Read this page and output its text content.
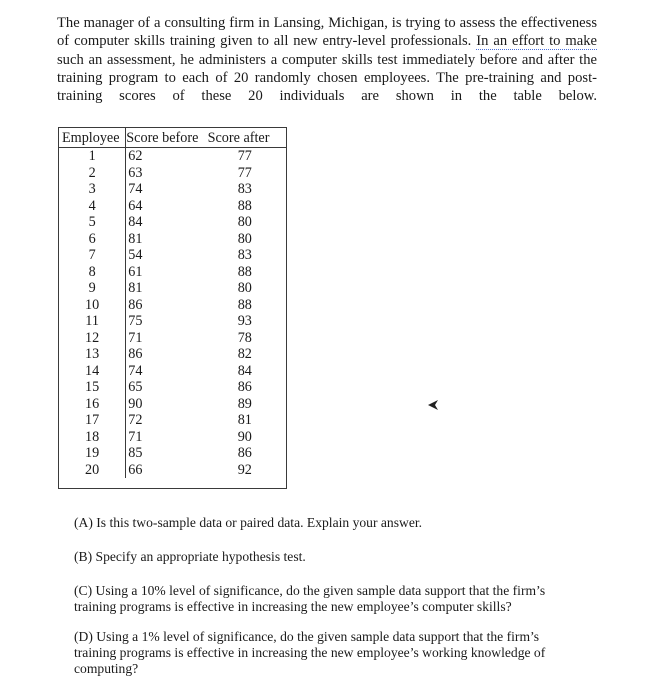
The manager of a consulting firm in Lansing, Michigan, is trying to assess the effectiveness
of computer skills training given to all new entry-level professionals. In an effort to make
such an assessment, he administers a computer skills test immediately before and after the
training program to each of 20 randomly chosen employees. The pre-training and post-
training scores of these 20 individuals are shown in the table below.
Employee	Score before	Score after
1	62	77
2	63	77
3	74	83
4	64	88
5	84	80
6	81	80
7	54	83
8	61	88
9	81	80
10	86	88
11	75	93
12	71	78
13	86	82
14	74	84
15	65	86
16	90	89
17	72	81
18	71	90
19	85	86
20	66	92
(A) Is this two-sample data or paired data. Explain your answer.
(B) Specify an appropriate hypothesis test.
(C) Using a 10% level of significance, do the given sample data support that the firm’s
training programs is effective in increasing the new employee’s computer skills?
(D) Using a 1% level of significance, do the given sample data support that the firm’s
training programs is effective in increasing the new employee’s working knowledge of
computing?
